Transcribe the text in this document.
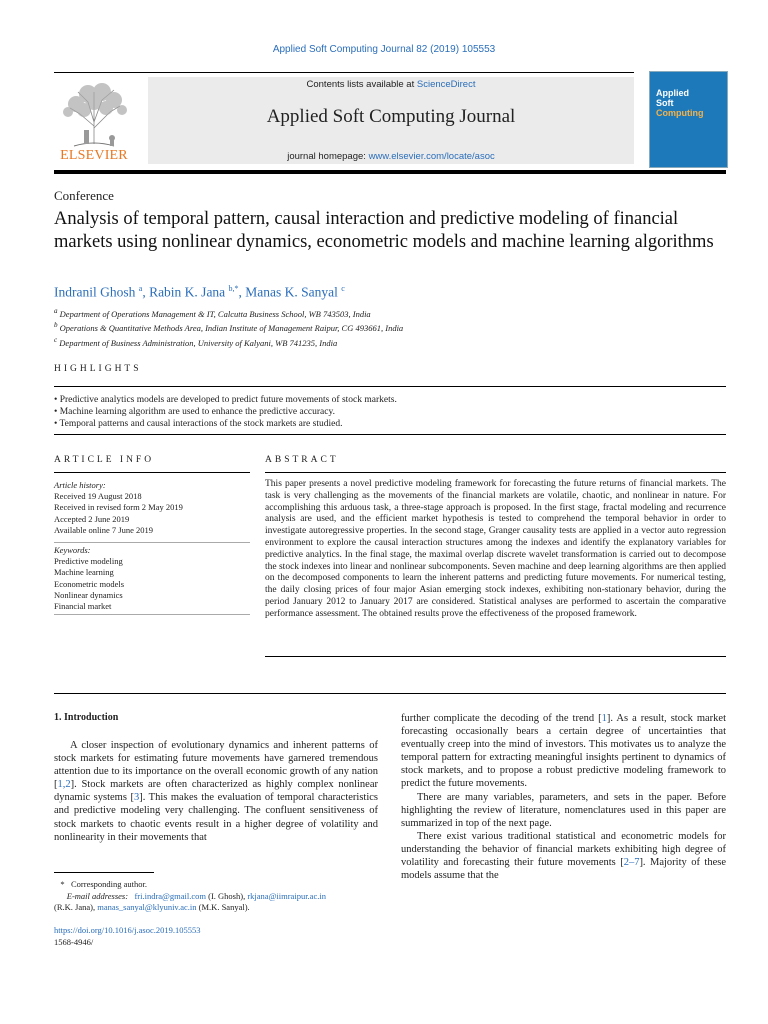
Applied Soft Computing Journal 82 (2019) 105553
ELSEVIER
Contents lists available at ScienceDirect
Applied Soft Computing Journal
journal homepage: www.elsevier.com/locate/asoc
Applied
Soft
Computing
Conference
Analysis of temporal pattern, causal interaction and predictive modeling of financial markets using nonlinear dynamics, econometric models and machine learning algorithms
Indranil Ghosh $^a$, Rabin K. Jana $^{b,*}$, Manas K. Sanyal $^c$
$^a$ Department of Operations Management & IT, Calcutta Business School, WB 743503, India
$^b$ Operations & Quantitative Methods Area, Indian Institute of Management Raipur, CG 493661, India
$^c$ Department of Business Administration, University of Kalyani, WB 741235, India
HIGHLIGHTS
• Predictive analytics models are developed to predict future movements of stock markets.
• Machine learning algorithm are used to enhance the predictive accuracy.
• Temporal patterns and causal interactions of the stock markets are studied.
ARTICLE INFO
Article history:
Received 19 August 2018
Received in revised form 2 May 2019
Accepted 2 June 2019
Available online 7 June 2019
Keywords:
Predictive modeling
Machine learning
Econometric models
Nonlinear dynamics
Financial market
ABSTRACT
This paper presents a novel predictive modeling framework for forecasting the future returns of financial markets. The task is very challenging as the movements of the financial markets are volatile, chaotic, and nonlinear in nature. For accomplishing this arduous task, a three-stage approach is proposed. In the first stage, fractal modeling and recurrence analysis are used, and the efficient market hypothesis is tested to comprehend the temporal behavior in order to investigate autoregressive properties. In the second stage, Granger causality tests are applied in a vector auto regression environment to explore the causal interaction structures among the indexes and identify the explanatory variables for predictive analytics. In the final stage, the maximal overlap discrete wavelet transformation is carried out to decompose the stock indexes into linear and nonlinear subcomponents. Seven machine and deep learning algorithms are then applied on the decomposed components to learn the inherent patterns and predicting future movements. For numerical testing, the daily closing prices of four major Asian emerging stock indexes, exhibiting non-stationary behavior, during the period January 2012 to January 2017 are considered. Statistical analyses are performed to ascertain the comparative performance assessment. The obtained results prove the effectiveness of the proposed framework.
1. Introduction

A closer inspection of evolutionary dynamics and inherent patterns of stock markets for estimating future movements have garnered tremendous attention due to its importance on the overall economic growth of any nation [1,2]. Stock markets are often characterized as highly complex nonlinear dynamic systems [3]. This makes the evaluation of temporal characteristics and predictive modeling very challenging. The confluent sensitiveness of stock markets to chaotic events result in a higher degree of volatility and nonlinearity in their movements that

further complicate the decoding of the trend [1]. As a result, stock market forecasting occasionally bears a certain degree of uncertainties that eventually creep into the mind of investors. This motivates us to analyze the temporal pattern for extracting meaningful insights pertinent to dynamics of stock markets, and to propose a robust predictive modeling framework to predict the future movements.

There are many variables, parameters, and sets in the paper. Before highlighting the review of literature, nomenclatures used in this paper are summarized in top of the next page.

There exist various traditional statistical and econometric models for understanding the behavior of financial markets exhibiting high degree of volatility and forecasting their future movements [2–7]. Majority of these models assume that the

* Corresponding author.
E-mail addresses: fri.indra@gmail.com (I. Ghosh), rkjana@iimraipur.ac.in
(R.K. Jana), manas_sanyal@klyuniv.ac.in (M.K. Sanyal).
https://doi.org/10.1016/j.asoc.2019.105553
1568-4946/
